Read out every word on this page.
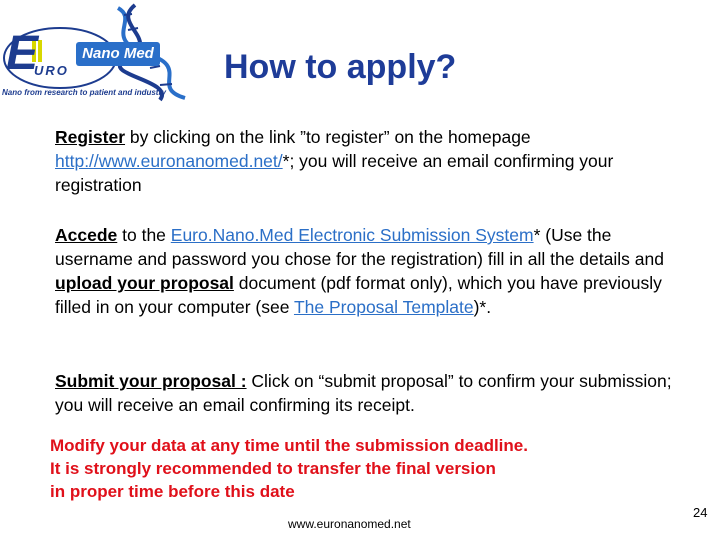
E
URO
Nano Med
Nano from research to patient and industry
How to apply?
Register by clicking on the link ”to register” on the homepage http://www.euronanomed.net/*; you will receive an email confirming your registration
Accede to the Euro.Nano.Med Electronic Submission System* (Use the username and password you chose for the registration) fill in all the details and upload your proposal document (pdf format only), which you have previously filled in on your computer (see The Proposal Template)*.
Submit your proposal : Click on “submit proposal” to confirm your submission; you will receive an email confirming its receipt.
Modify your data at any time until the submission deadline.
It is strongly recommended to transfer the final version
in proper time before this date
www.euronanomed.net
24
